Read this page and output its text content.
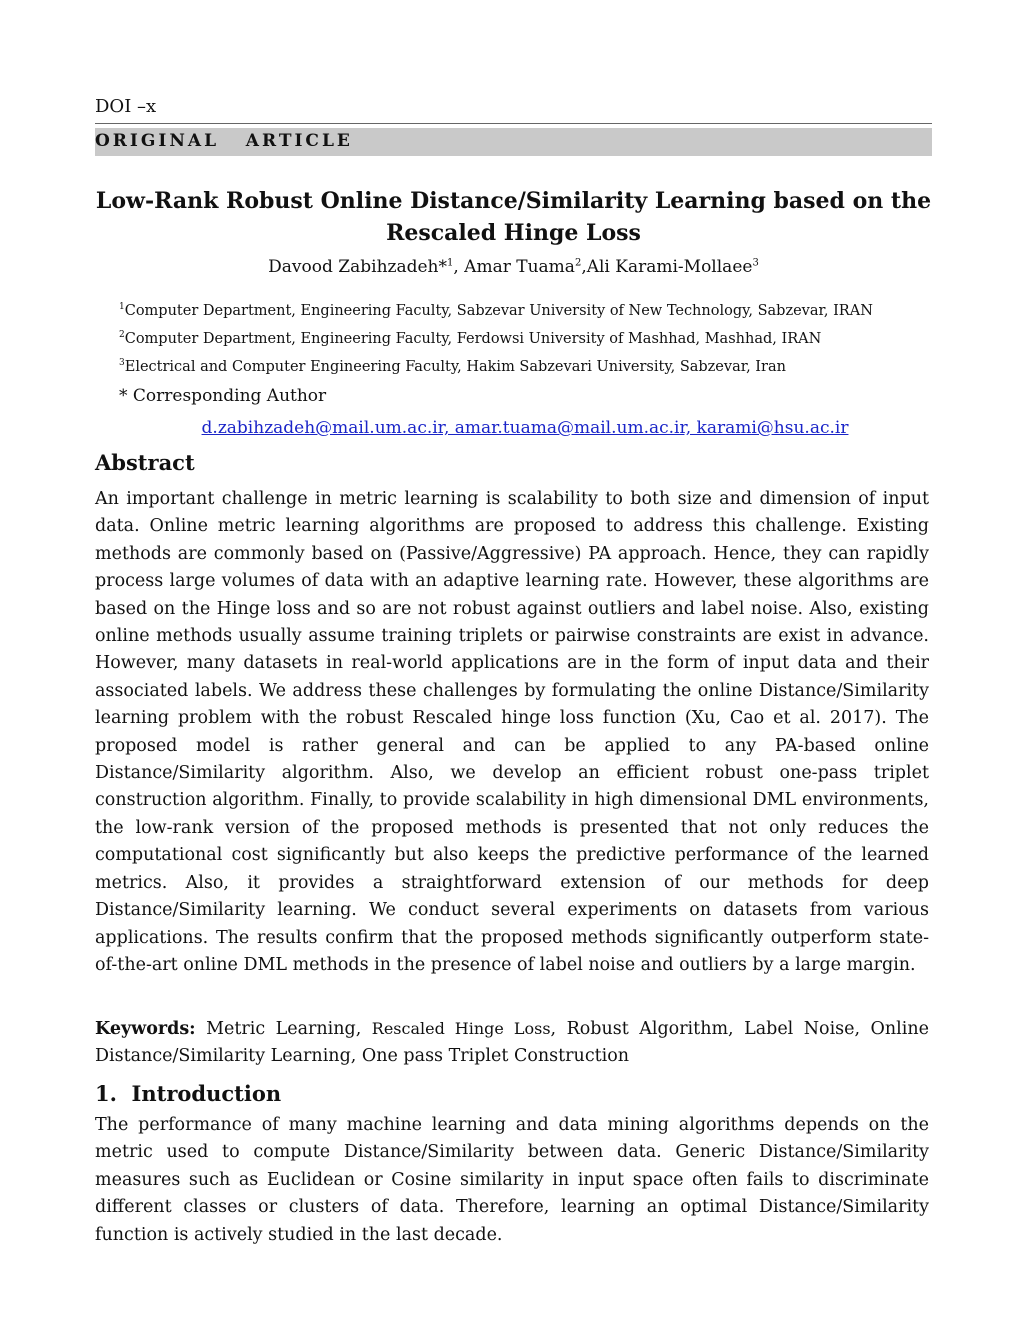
DOI –x
ORIGINAL   ARTICLE
Low-Rank Robust Online Distance/Similarity Learning based on the Rescaled Hinge Loss
Davood Zabihzadeh*$^1$, Amar Tuama$^2$,Ali Karami-Mollaee$^3$
$^1$Computer Department, Engineering Faculty, Sabzevar University of New Technology, Sabzevar, IRAN
$^2$Computer Department, Engineering Faculty, Ferdowsi University of Mashhad, Mashhad, IRAN
$^3$Electrical and Computer Engineering Faculty, Hakim Sabzevari University, Sabzevar, Iran
* Corresponding Author
d.zabihzadeh@mail.um.ac.ir, amar.tuama@mail.um.ac.ir, karami@hsu.ac.ir
Abstract

An important challenge in metric learning is scalability to both size and dimension of input data. Online metric learning algorithms are proposed to address this challenge. Existing methods are commonly based on (Passive/Aggressive) PA approach. Hence, they can rapidly process large volumes of data with an adaptive learning rate. However, these algorithms are based on the Hinge loss and so are not robust against outliers and label noise. Also, existing online methods usually assume training triplets or pairwise constraints are exist in advance. However, many datasets in real-world applications are in the form of input data and their associated labels. We address these challenges by formulating the online Distance/Similarity learning problem with the robust Rescaled hinge loss function (Xu, Cao et al. 2017). The proposed model is rather general and can be applied to any PA-based online Distance/Similarity algorithm. Also, we develop an efficient robust one-pass triplet construction algorithm. Finally, to provide scalability in high dimensional DML environments, the low-rank version of the proposed methods is presented that not only reduces the computational cost significantly but also keeps the predictive performance of the learned metrics. Also, it provides a straightforward extension of our methods for deep Distance/Similarity learning. We conduct several experiments on datasets from various applications. The results confirm that the proposed methods significantly outperform state-of-the-art online DML methods in the presence of label noise and outliers by a large margin.

Keywords: Metric Learning, Rescaled Hinge Loss, Robust Algorithm, Label Noise, Online Distance/Similarity Learning, One pass Triplet Construction

1.  Introduction

The performance of many machine learning and data mining algorithms depends on the metric used to compute Distance/Similarity between data. Generic Distance/Similarity measures such as Euclidean or Cosine similarity in input space often fails to discriminate different classes or clusters of data. Therefore, learning an optimal Distance/Similarity function is actively studied in the last decade.
